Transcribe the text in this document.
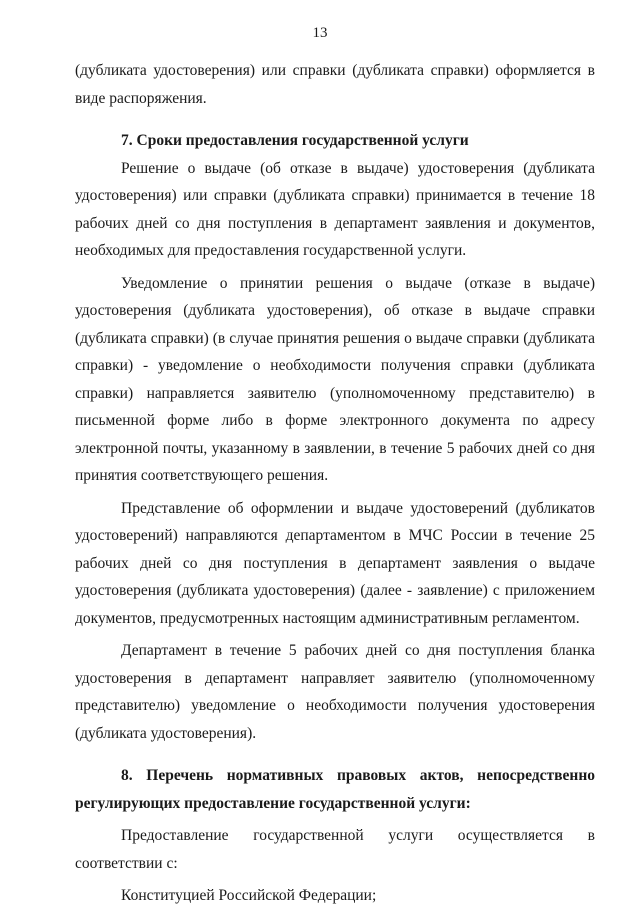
13

(дубликата удостоверения) или справки (дубликата справки) оформляется в виде распоряжения.

7. Сроки предоставления государственной услуги

Решение о выдаче (об отказе в выдаче) удостоверения (дубликата удостоверения) или справки (дубликата справки) принимается в течение 18 рабочих дней со дня поступления в департамент заявления и документов, необходимых для предоставления государственной услуги.

Уведомление о принятии решения о выдаче (отказе в выдаче) удостоверения (дубликата удостоверения), об отказе в выдаче справки (дубликата справки) (в случае принятия решения о выдаче справки (дубликата справки) - уведомление о необходимости получения справки (дубликата справки) направляется заявителю (уполномоченному представителю) в письменной форме либо в форме электронного документа по адресу электронной почты, указанному в заявлении, в течение 5 рабочих дней со дня принятия соответствующего решения.

Представление об оформлении и выдаче удостоверений (дубликатов удостоверений) направляются департаментом в МЧС России в течение 25 рабочих дней со дня поступления в департамент заявления о выдаче удостоверения (дубликата удостоверения) (далее - заявление) с приложением документов, предусмотренных настоящим административным регламентом.

Департамент в течение 5 рабочих дней со дня поступления бланка удостоверения в департамент направляет заявителю (уполномоченному представителю) уведомление о необходимости получения удостоверения (дубликата удостоверения).

8. Перечень нормативных правовых актов, непосредственно регулирующих предоставление государственной услуги:

Предоставление государственной услуги осуществляется в соответствии с:

Конституцией Российской Федерации;
